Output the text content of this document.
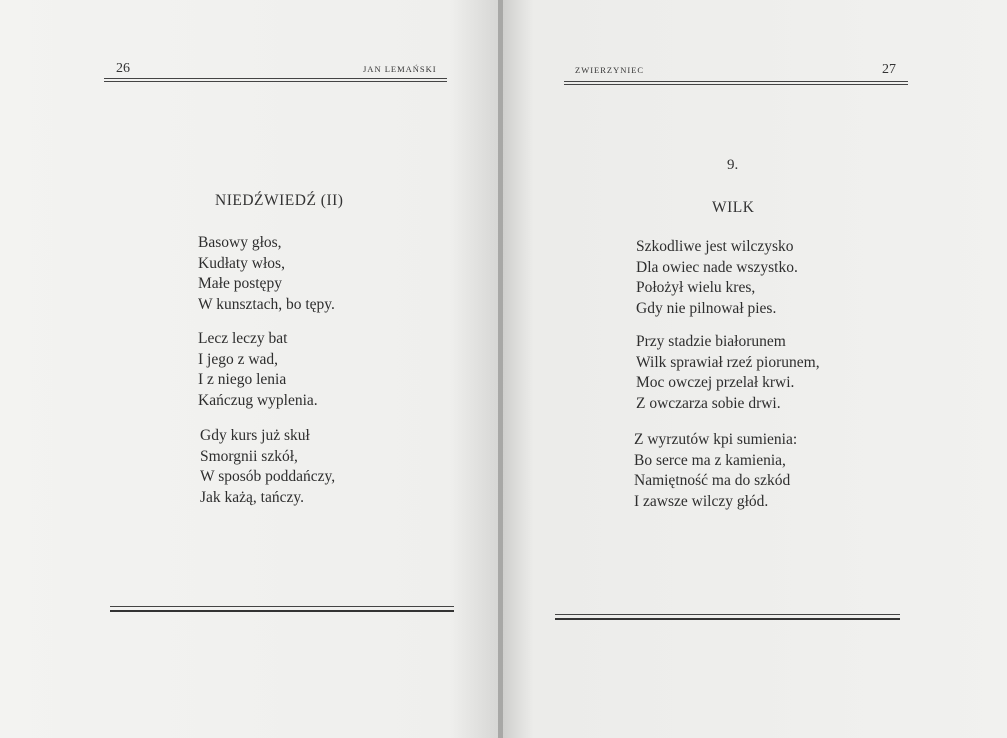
26	JAN LEMAŃSKI
NIEDŹWIEDŹ (II)
Basowy głos,
Kudłaty włos,
Małe postępy
W kunsztach, bo tępy.
Lecz leczy bat
I jego z wad,
I z niego lenia
Kańczug wyplenia.
Gdy kurs już skuł
Smorgnii szkół,
W sposób poddańczy,
Jak każą, tańczy.
ZWIERZYNIEC	27
9.
WILK
Szkodliwe jest wilczysko
Dla owiec nade wszystko.
Położył wielu kres,
Gdy nie pilnował pies.
Przy stadzie białorunem
Wilk sprawiał rzeź piorunem,
Moc owczej przelał krwi.
Z owczarza sobie drwi.
Z wyrzutów kpi sumienia:
Bo serce ma z kamienia,
Namiętność ma do szkód
I zawsze wilczy głód.
